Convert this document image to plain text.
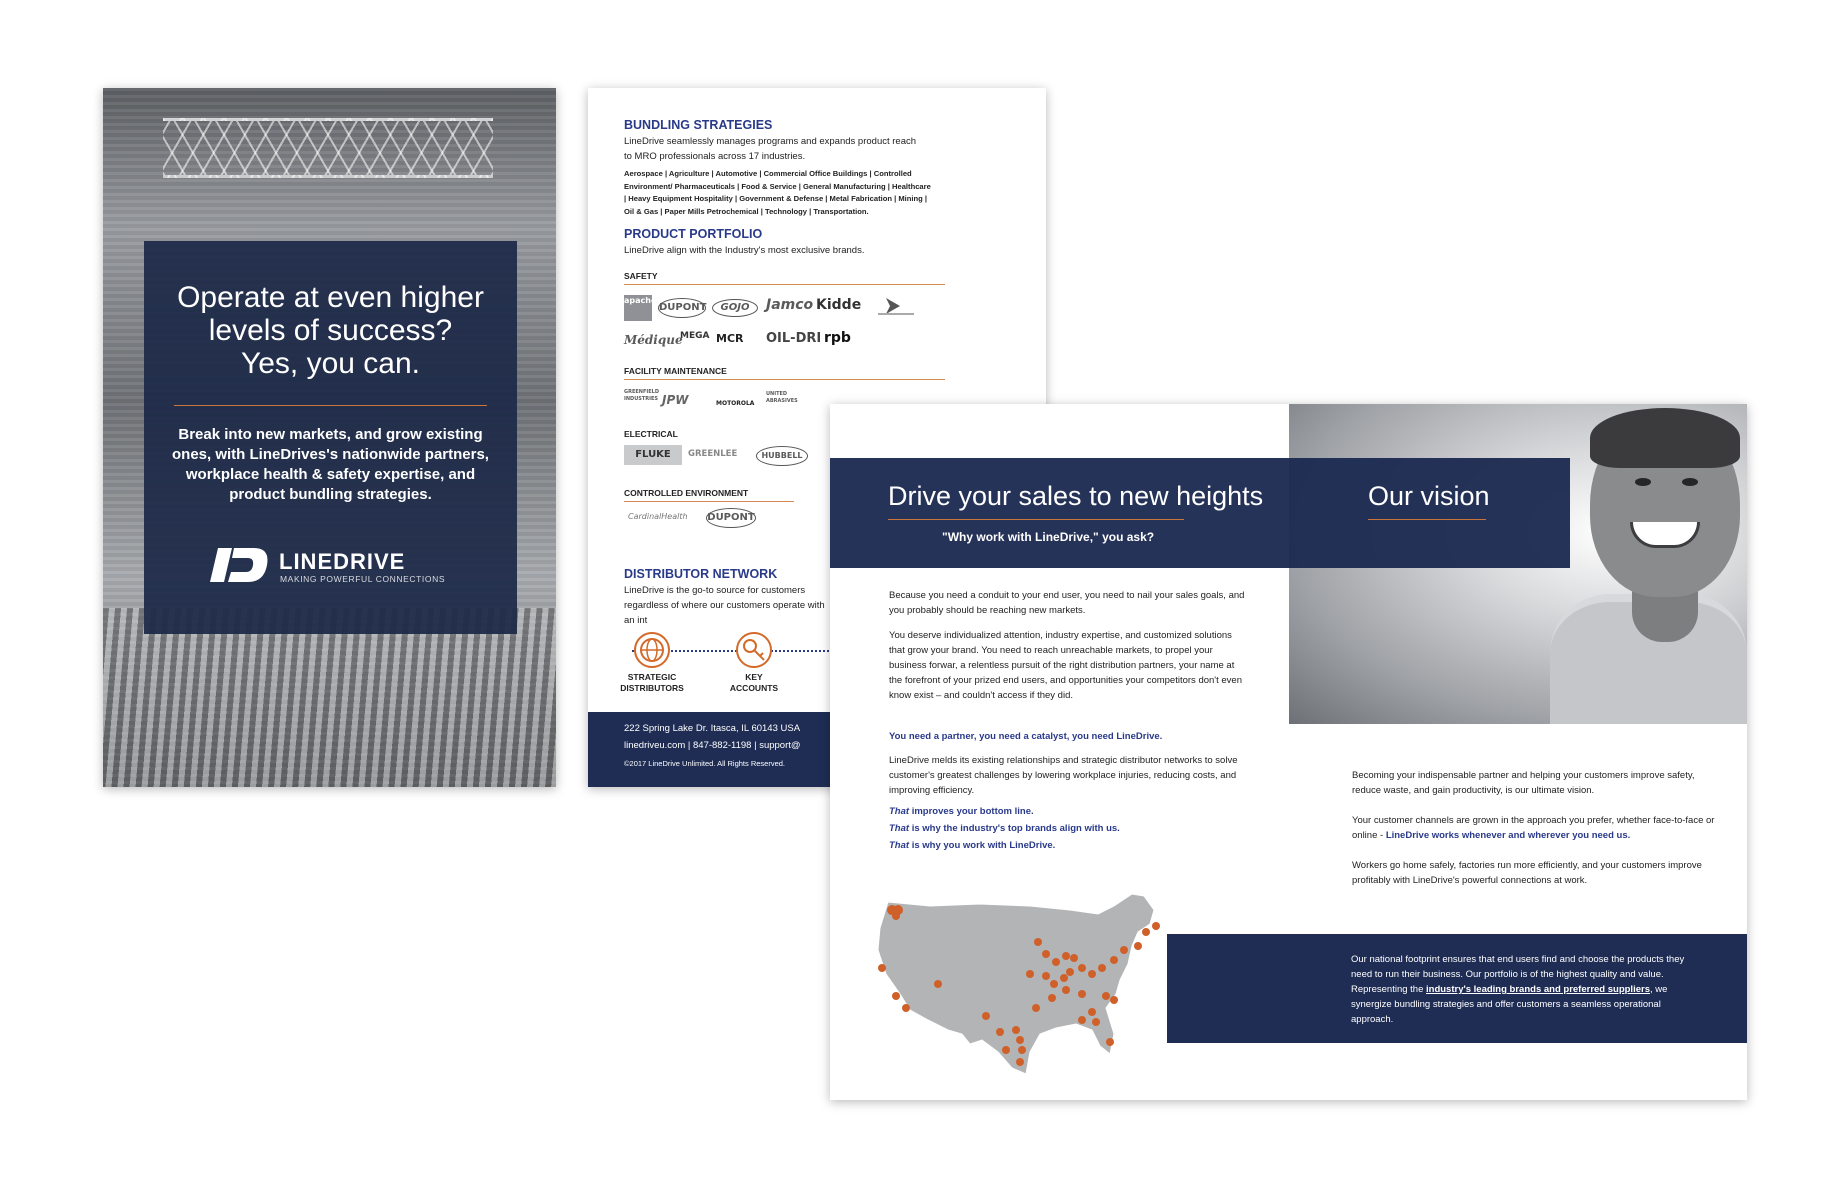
Operate at even higher
levels of success?
Yes, you can.
Break into new markets, and grow existing ones, with LineDrives's nationwide partners, workplace health & safety expertise, and product bundling strategies.
LINEDRIVE
MAKING POWERFUL CONNECTIONS
BUNDLING STRATEGIES
LineDrive seamlessly manages programs and expands product reach to MRO professionals across 17 industries.
Aerospace | Agriculture | Automotive | Commercial Office Buildings | Controlled Environment/ Pharmaceuticals | Food & Service | General Manufacturing | Healthcare | Heavy Equipment Hospitality | Government & Defense | Metal Fabrication | Mining | Oil & Gas | Paper Mills Petrochemical | Technology | Transportation.
PRODUCT PORTFOLIO
LineDrive align with the Industry's most exclusive brands.
SAFETY
apache mills
DUPONT	GOJO	Jamco Kidde
Médique
MEGA MCR OIL-DRI rpb
FACILITY MAINTENANCE
GREENFIELD INDUSTRIES JPW	MOTOROLA
UNITED ABRASIVES
ELECTRICAL
FLUKE	GREENLEE	HUBBELL
CONTROLLED ENVIRONMENT
CardinalHealth DUPONT
DISTRIBUTOR NETWORK
LineDrive is the go-to source for customers regardless of where our customers operate with an int
STRATEGIC DISTRIBUTORS
KEY ACCOUNTS
222 Spring Lake Dr. Itasca, IL 60143 USA
linedriveu.com | 847-882-1198 | support@
©2017 LineDrive Unlimited. All Rights Reserved.
Drive your sales to new heights
"Why work with LineDrive," you ask?
Our vision
Because you need a conduit to your end user, you need to nail your sales goals, and you probably should be reaching new markets.
You deserve individualized attention, industry expertise, and customized solutions that grow your brand. You need to reach unreachable markets, to propel your business forwar, a relentless pursuit of the right distribution partners, your name at the forefront of your prized end users, and opportunities your competitors don't even know exist – and couldn't access if they did.
You need a partner, you need a catalyst, you need LineDrive.
LineDrive melds its existing relationships and strategic distributor networks to solve customer's greatest challenges by lowering workplace injuries, reducing costs, and improving efficiency.
That improves your bottom line.
That is why the industry's top brands align with us.
That is why you work with LineDrive.
Becoming your indispensable partner and helping your customers improve safety, reduce waste, and gain productivity, is our ultimate vision.
Your customer channels are grown in the approach you prefer, whether face-to-face or online - LineDrive works whenever and wherever you need us.
Workers go home safely, factories run more efficiently, and your customers improve profitably with LineDrive's powerful connections at work.
Our national footprint ensures that end users find and choose the products they need to run their business. Our portfolio is of the highest quality and value. Representing the industry's leading brands and preferred suppliers, we synergize bundling strategies and offer customers a seamless operational approach.
